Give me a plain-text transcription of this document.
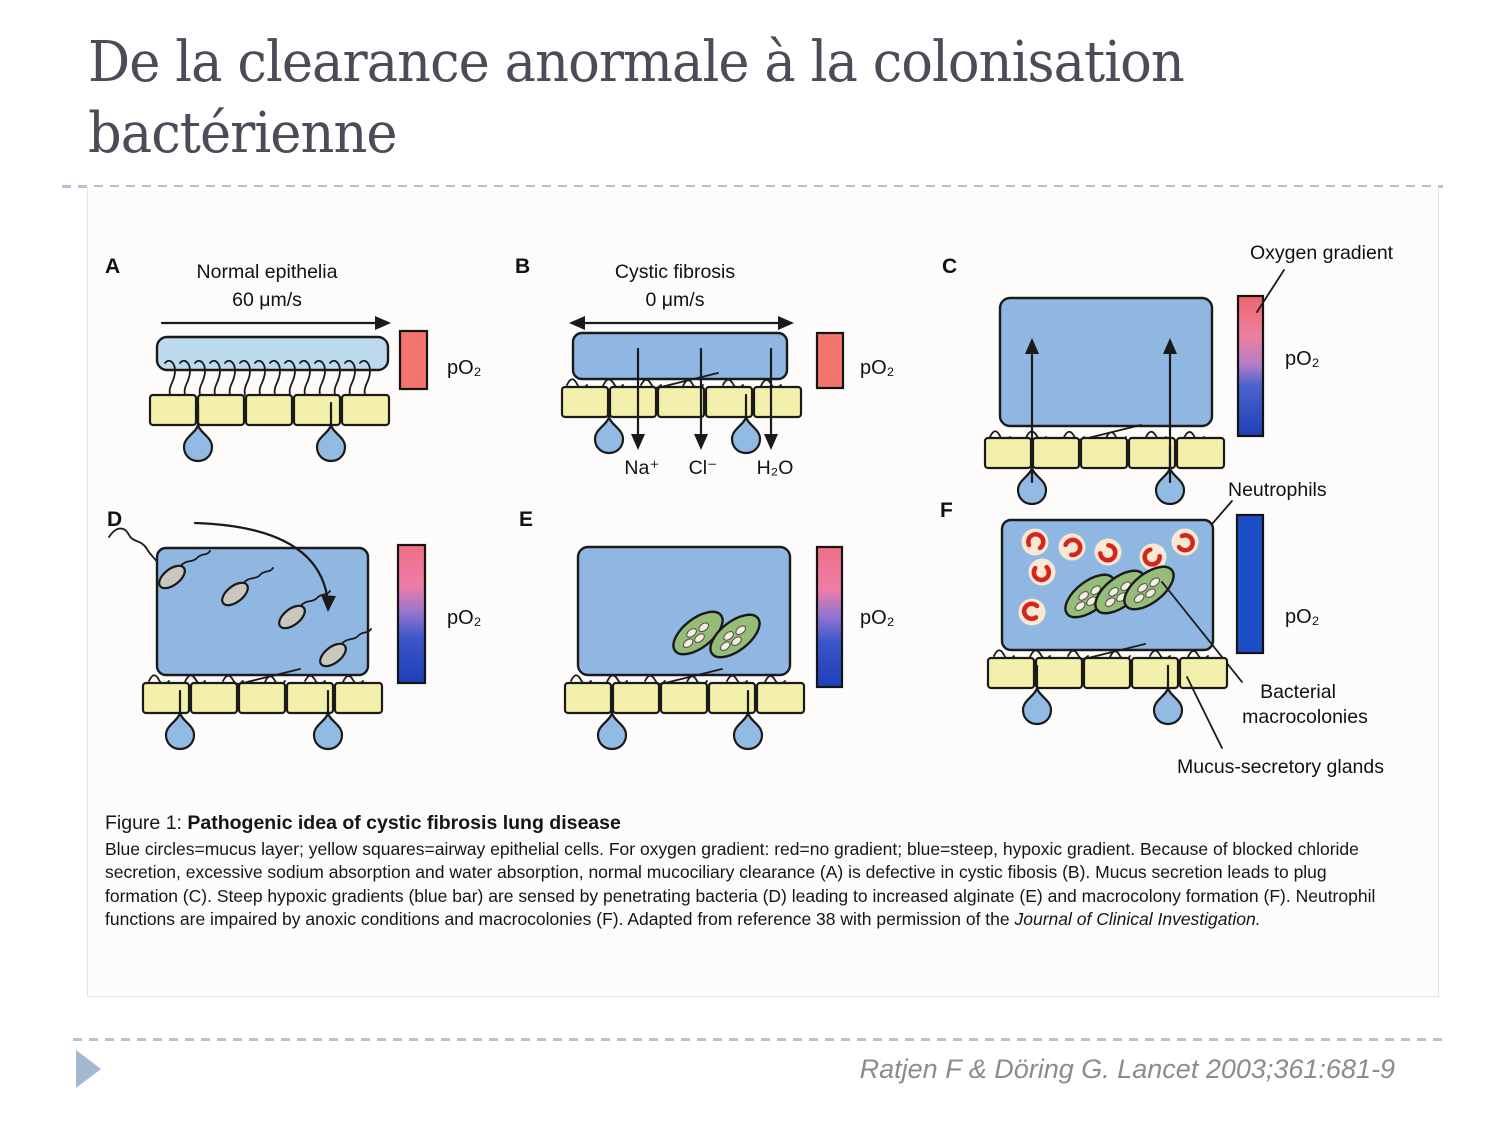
De la clearance anormale à la colonisation
bactérienne
A	Normal epithelia
60 μm/s
pO₂
B	Cystic fibrosis
0 μm/s
Na⁺ Cl⁻ H₂O
pO₂
C
Oxygen gradient
pO₂
D
pO₂
E
pO₂
Neutrophils
F
pO₂
Bacterial
macrocolonies
Mucus-secretory glands
Figure 1: Pathogenic idea of cystic fibrosis lung disease
Blue circles=mucus layer; yellow squares=airway epithelial cells. For oxygen gradient: red=no gradient; blue=steep, hypoxic gradient. Because of blocked chloride secretion, excessive sodium absorption and water absorption, normal mucociliary clearance (A) is defective in cystic fibosis (B). Mucus secretion leads to plug formation (C). Steep hypoxic gradients (blue bar) are sensed by penetrating bacteria (D) leading to increased alginate (E) and macrocolony formation (F). Neutrophil functions are impaired by anoxic conditions and macrocolonies (F). Adapted from reference 38 with permission of the Journal of Clinical Investigation.
Ratjen F & Döring G. Lancet 2003;361:681-9
